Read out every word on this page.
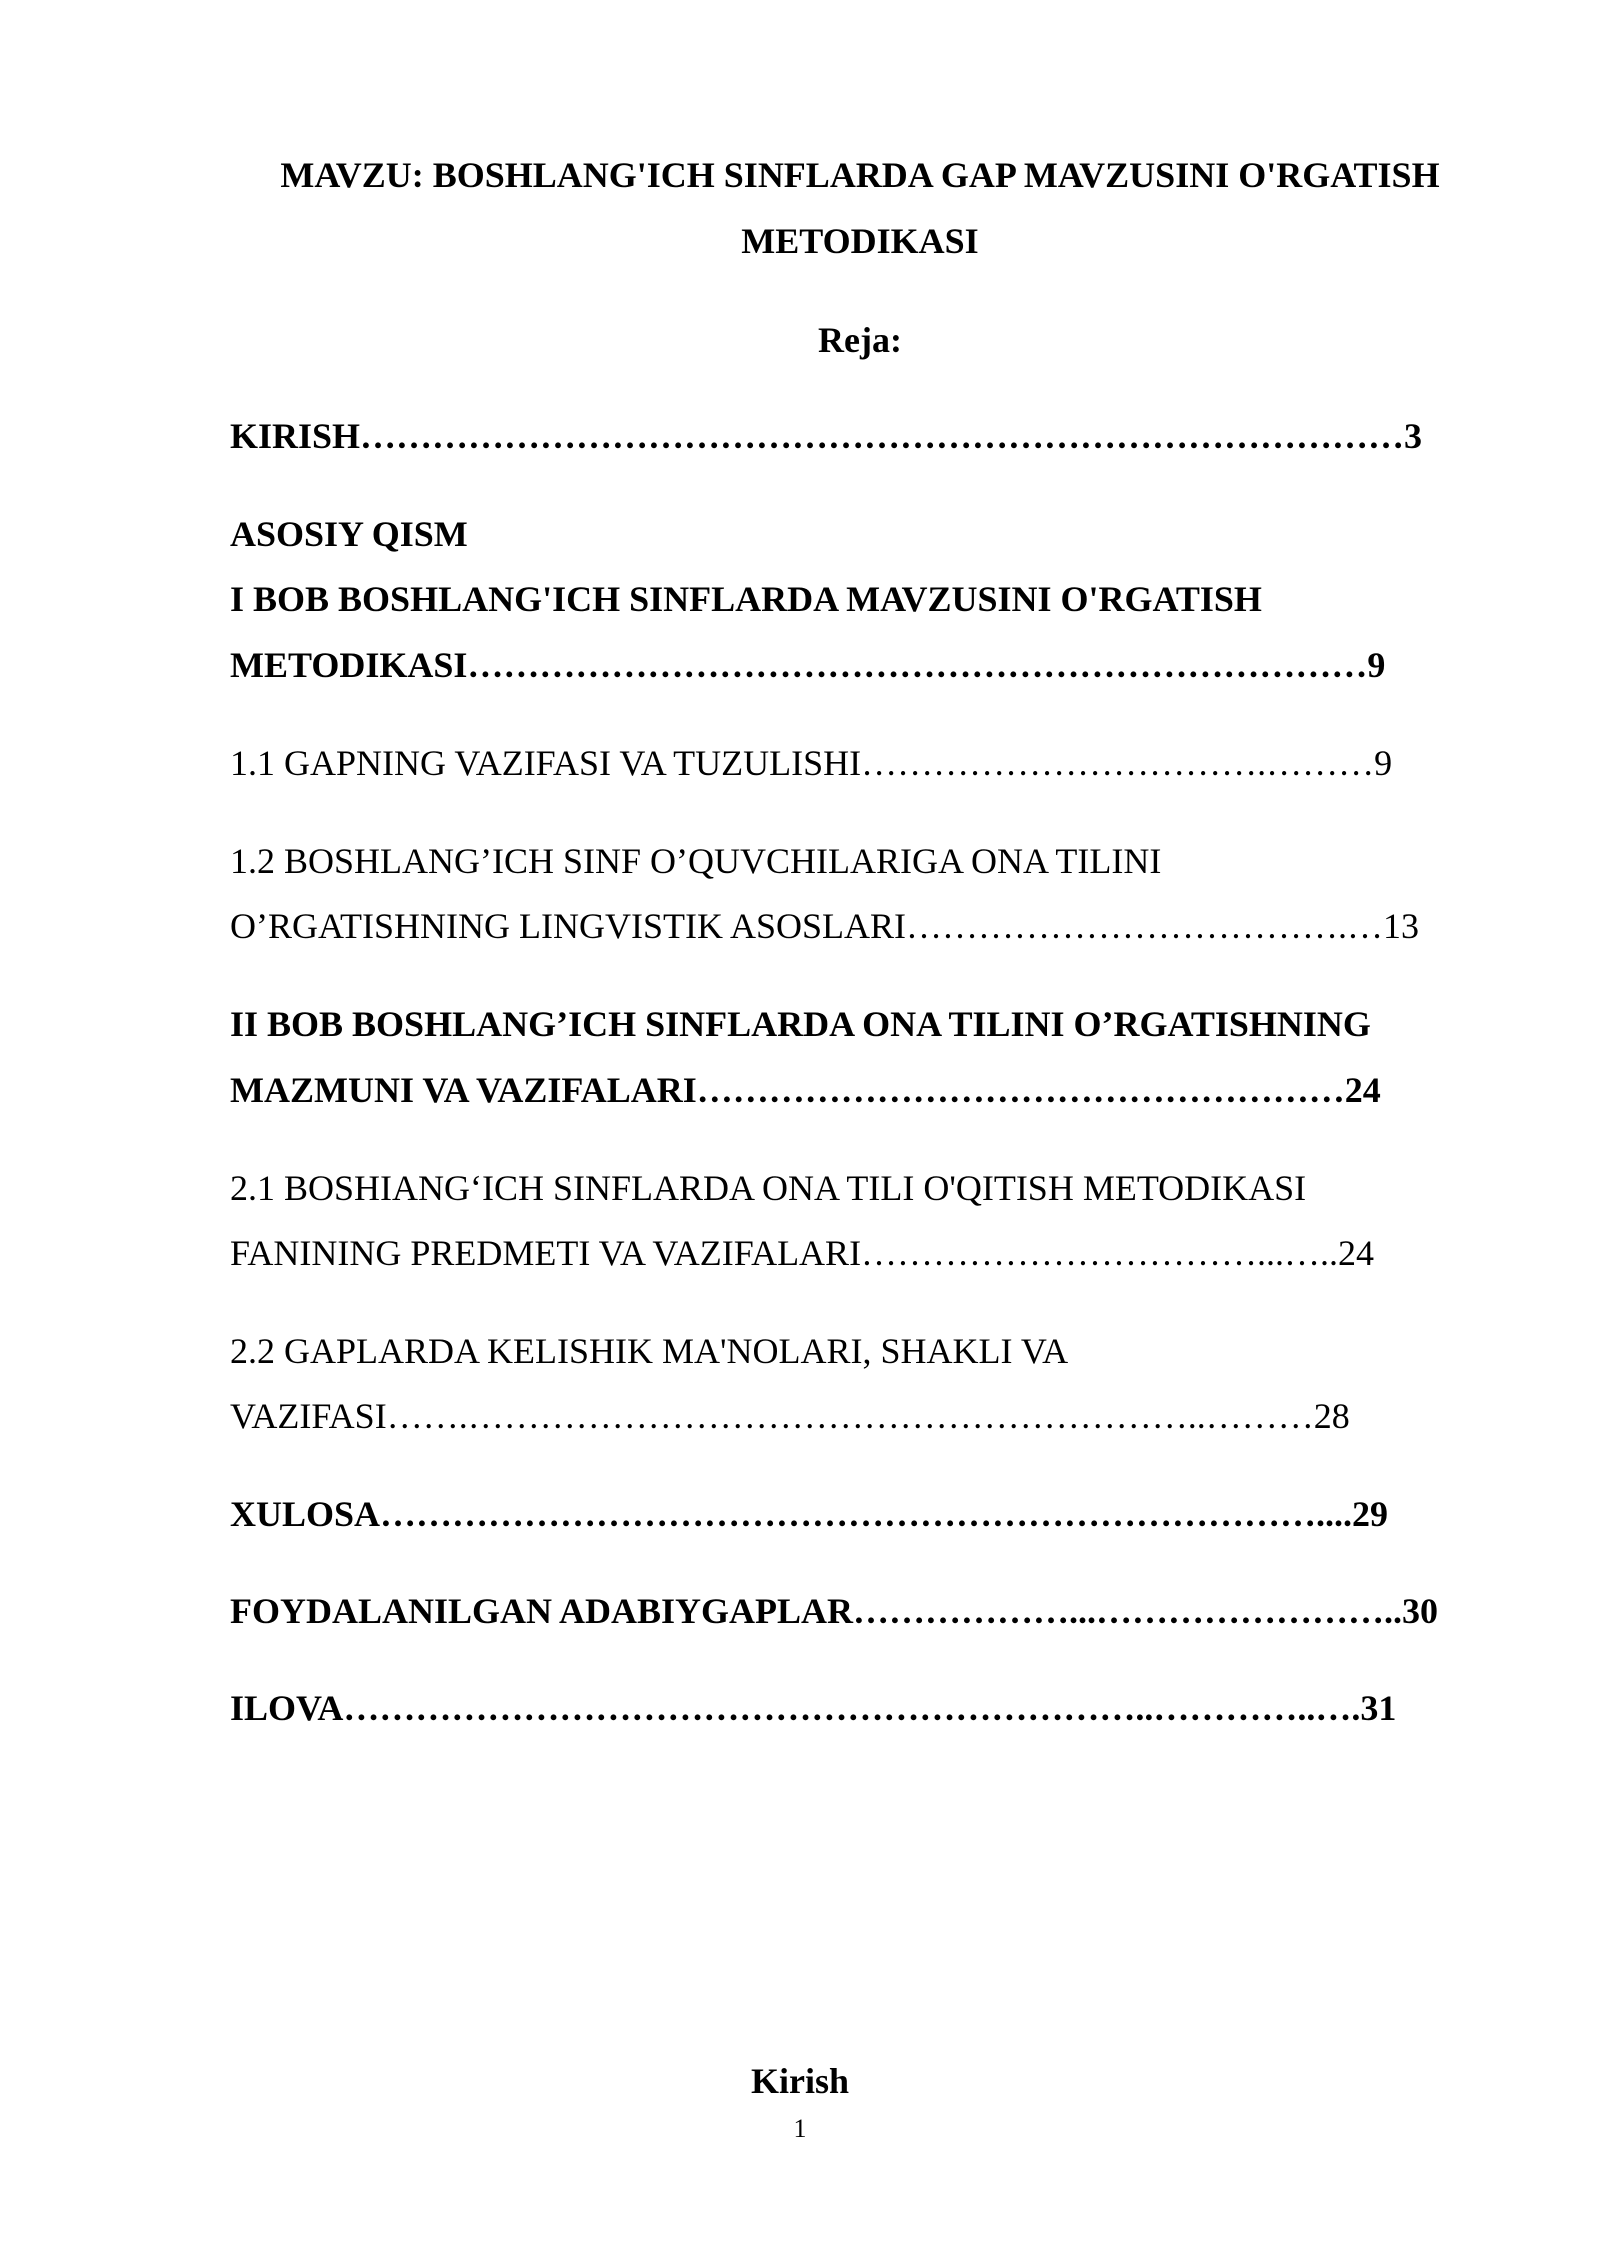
MAVZU: BOSHLANG'ICH SINFLARDA GAP MAVZUSINI O'RGATISH
METODIKASI
Reja:
KIRISH……………………………………………………………………………3
ASOSIY QISM
I BOB BOSHLANG'ICH SINFLARDA MAVZUSINI O'RGATISH
METODIKASI…………………………………………………………………9
1.1 GAPNING VAZIFASI VA TUZULISHI…………………………….………9
1.2 BOSHLANG’ICH SINF O’QUVCHILARIGA ONA TILINI
O’RGATISHNING LINGVISTIK ASOSLARI……………………………….…13
II BOB BOSHLANG’ICH SINFLARDA ONA TILINI O’RGATISHNING
MAZMUNI VA VAZIFALARI………………………………………………24
2.1 BOSHIANG‘ICH SINFLARDA ONA TILI O'QITISH METODIKASI
FANINING PREDMETI VA VAZIFALARI……………………………...…..24
2.2 GAPLARDA KELISHIK MA'NOLARI, SHAKLI VA
VAZIFASI…….……………………………………………………..………28
XULOSA……………………………………………………………………....29
FOYDALANILGAN ADABIYGAPLAR………………...……………………..30
ILOVA…………………………………………………………..…………..….31
Kirish
1
